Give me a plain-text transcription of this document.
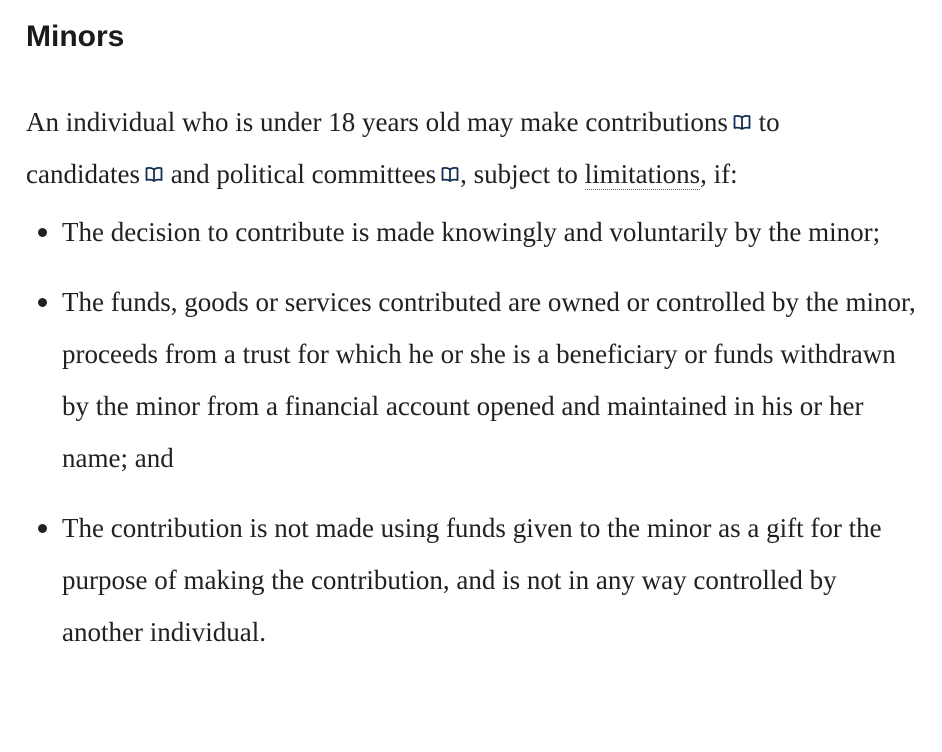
Minors

An individual who is under 18 years old may make contributions
to candidates
and political committees , subject to limitations, if:

The decision to contribute is made knowingly and voluntarily by the minor;
The funds, goods or services contributed are owned or controlled by the minor, proceeds from a trust for which he or she is a beneficiary or funds withdrawn by the minor from a financial account opened and maintained in his or her name; and
The contribution is not made using funds given to the minor as a gift for the purpose of making the contribution, and is not in any way controlled by another individual.
